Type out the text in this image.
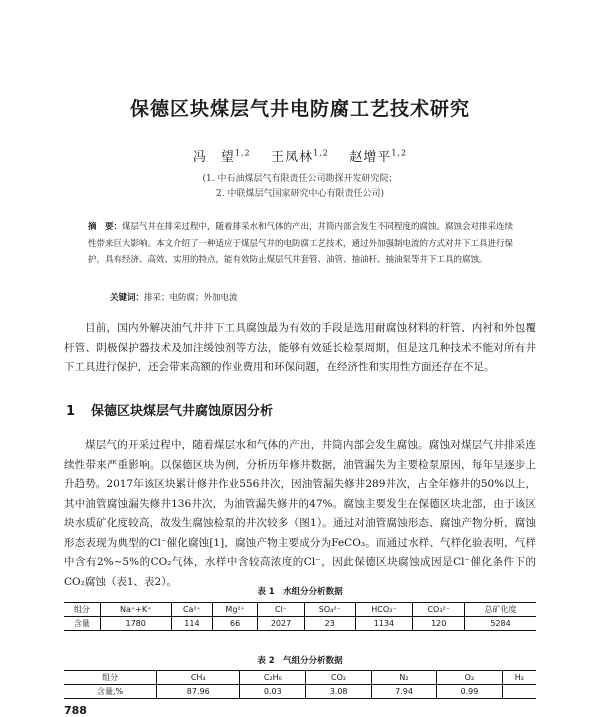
保德区块煤层气井电防腐工艺技术研究
冯　望$^{1,2}$ 王凤林$^{1,2}$ 赵增平$^{1,2}$
(1. 中石油煤层气有限责任公司勘探开发研究院；
2. 中联煤层气国家研究中心有限责任公司)
摘　要：煤层气井在排采过程中，随着排采水和气体的产出，井筒内部会发生不同程度的腐蚀。腐蚀会对排采连续性带来巨大影响。本文介绍了一种适应于煤层气井的电防腐工艺技术，通过外加强制电流的方式对井下工具进行保护，具有经济、高效、实用的特点，能有效防止煤层气井套管、油管、抽油杆、抽油泵等井下工具的腐蚀。
关键词：排采；电防腐；外加电流
目前，国内外解决油气井井下工具腐蚀最为有效的手段是选用耐腐蚀材料的杆管、内衬和外包覆杆管、阴极保护器技术及加注缓蚀剂等方法，能够有效延长检泵周期，但是这几种技术不能对所有井下工具进行保护，还会带来高额的作业费用和环保问题，在经济性和实用性方面还存在不足。
1 保德区块煤层气井腐蚀原因分析
煤层气的开采过程中，随着煤层水和气体的产出，井筒内部会发生腐蚀。腐蚀对煤层气井排采连续性带来严重影响。以保德区块为例，分析历年修井数据，油管漏失为主要检泵原因，每年呈逐步上升趋势。2017年该区块累计修井作业556井次，因油管漏失修井289井次，占全年修井的50%以上，其中油管腐蚀漏失修井136井次，为油管漏失修井的47%。腐蚀主要发生在保德区块北部，由于该区块水质矿化度较高，故发生腐蚀检泵的井次较多（图1）。通过对油管腐蚀形态、腐蚀产物分析，腐蚀形态表现为典型的Cl⁻催化腐蚀[1]，腐蚀产物主要成分为FeCO₃。而通过水样、气样化验表明，气样中含有2%~5%的CO₂气体，水样中含较高浓度的Cl⁻，因此保德区块腐蚀成因是Cl⁻催化条件下的CO₂腐蚀（表1、表2）。
表 1　水组分分析数据
组分	Na⁺+K⁺	Ca²⁺	Mg²⁺	Cl⁻	SO₄²⁻	HCO₃⁻	CO₃²⁻	总矿化度
含量	1780	114	66	2027	23	1134	120	5284
表 2　气组分分析数据
组分	CH₄	C₂H₆	CO₂	N₂	O₂	H₂
含量,%	87.96	0.03	3.08	7.94	0.99	
788
